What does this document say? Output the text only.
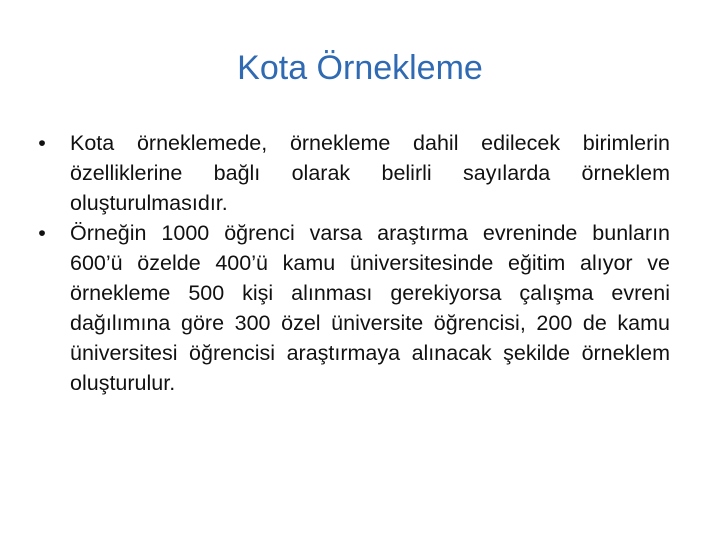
Kota Örnekleme
• Kota örneklemede, örnekleme dahil edilecek birimlerin özelliklerine bağlı olarak belirli sayılarda örneklem oluşturulmasıdır.
• Örneğin 1000 öğrenci varsa araştırma evreninde bunların 600’ü özelde 400’ü kamu üniversitesinde eğitim alıyor ve örnekleme 500 kişi alınması gerekiyorsa çalışma evreni dağılımına göre 300 özel üniversite öğrencisi, 200 de kamu üniversitesi öğrencisi araştırmaya alınacak şekilde örneklem oluşturulur.
